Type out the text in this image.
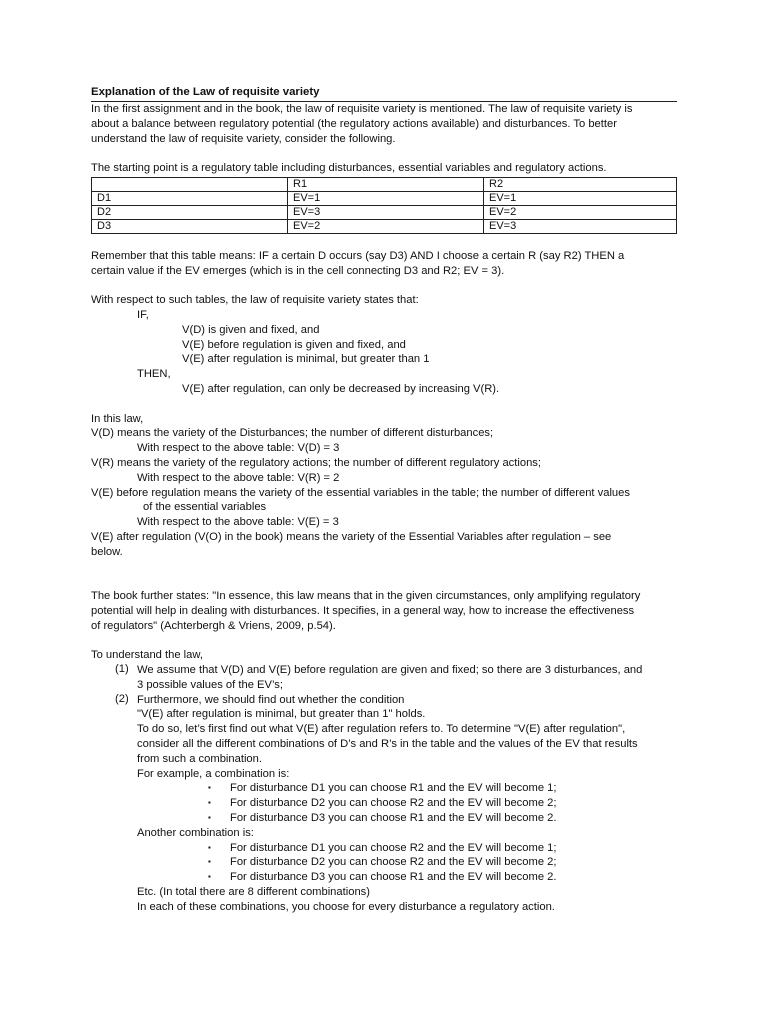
Explanation of the Law of requisite variety

In the first assignment and in the book, the law of requisite variety is mentioned. The law of requisite variety is

about a balance between regulatory potential (the regulatory actions available) and disturbances. To better

understand the law of requisite variety, consider the following.

The starting point is a regulatory table including disturbances, essential variables and regulatory actions.

	R1	R2
D1	EV=1	EV=1
D2	EV=3	EV=2
D3	EV=2	EV=3

Remember that this table means: IF a certain D occurs (say D3) AND I choose a certain R (say R2) THEN a

certain value if the EV emerges (which is in the cell connecting D3 and R2; EV = 3).

With respect to such tables, the law of requisite variety states that:

IF,

V(D) is given and fixed, and

V(E) before regulation is given and fixed, and

V(E) after regulation is minimal, but greater than 1

THEN,

V(E) after regulation, can only be decreased by increasing V(R).

In this law,

V(D) means the variety of the Disturbances; the number of different disturbances;

With respect to the above table: V(D) = 3

V(R) means the variety of the regulatory actions; the number of different regulatory actions;

With respect to the above table: V(R) = 2

V(E) before regulation means the variety of the essential variables in the table; the number of different values

of the essential variables

With respect to the above table: V(E) = 3

V(E) after regulation (V(O) in the book) means the variety of the Essential Variables after regulation – see

below.

The book further states: "In essence, this law means that in the given circumstances, only amplifying regulatory

potential will help in dealing with disturbances. It specifies, in a general way, how to increase the effectiveness

of regulators" (Achterbergh & Vriens, 2009, p.54).

To understand the law,

(1) We assume that V(D) and V(E) before regulation are given and fixed; so there are 3 disturbances, and

3 possible values of the EV’s;

(2) Furthermore, we should find out whether the condition

"V(E) after regulation is minimal, but greater than 1" holds.

To do so, let’s first find out what V(E) after regulation refers to. To determine "V(E) after regulation",

consider all the different combinations of D’s and R’s in the table and the values of the EV that results

from such a combination.

For example, a combination is:

▪ For disturbance D1 you can choose R1 and the EV will become 1;

▪ For disturbance D2 you can choose R2 and the EV will become 2;

▪ For disturbance D3 you can choose R1 and the EV will become 2.

Another combination is:

▪ For disturbance D1 you can choose R2 and the EV will become 1;

▪ For disturbance D2 you can choose R2 and the EV will become 2;

▪ For disturbance D3 you can choose R1 and the EV will become 2.

Etc. (In total there are 8 different combinations)

In each of these combinations, you choose for every disturbance a regulatory action.
